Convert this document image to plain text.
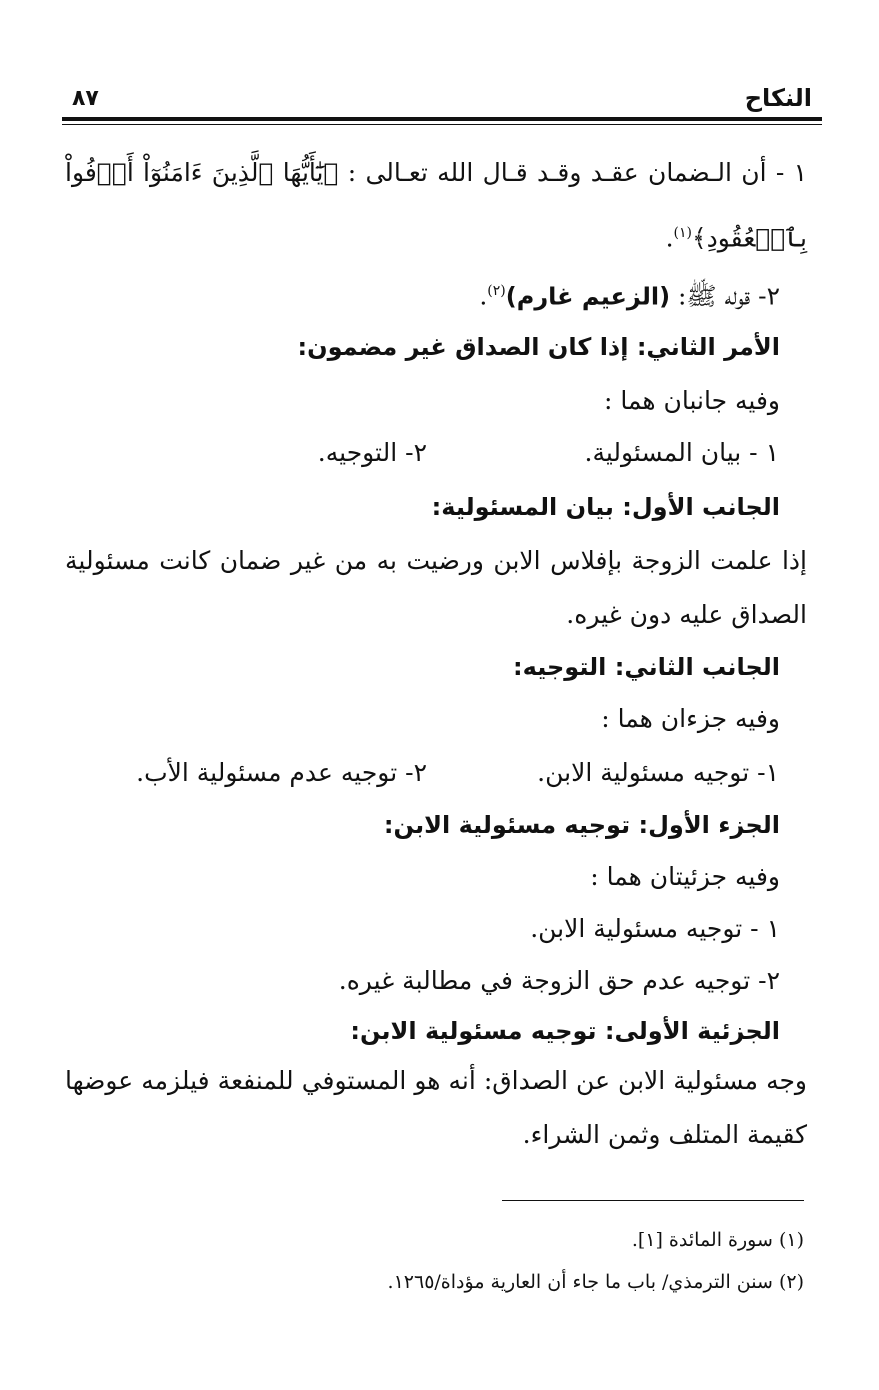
النكاح
٨٧
١ - أن الـضمان عقـد وقـد قـال الله تعـالى : ﴿يَٰٓأَيُّهَا ٱلَّذِينَ ءَامَنُوٓاْ أَوۡفُواْ
بِٱلۡعُقُودِ﴾$^{(١)}$.
٢- قوله ﷺ: (الزعيم غارم)$^{(٢)}$.
الأمر الثاني: إذا كان الصداق غير مضمون:
وفيه جانبان هما :
١ - بيان المسئولية.
٢- التوجيه.
الجانب الأول: بيان المسئولية:
إذا علمت الزوجة بإفلاس الابن ورضيت به من غير ضمان كانت مسئولية
الصداق عليه دون غيره.
الجانب الثاني: التوجيه:
وفيه جزءان هما :
١- توجيه مسئولية الابن.
٢- توجيه عدم مسئولية الأب.
الجزء الأول: توجيه مسئولية الابن:
وفيه جزئيتان هما :
١ - توجيه مسئولية الابن.
٢- توجيه عدم حق الزوجة في مطالبة غيره.
الجزئية الأولى: توجيه مسئولية الابن:
وجه مسئولية الابن عن الصداق: أنه هو المستوفي للمنفعة فيلزمه عوضها
كقيمة المتلف وثمن الشراء.
(١) سورة المائدة [١].
(٢) سنن الترمذي/ باب ما جاء أن العارية مؤداة/١٢٦٥.
